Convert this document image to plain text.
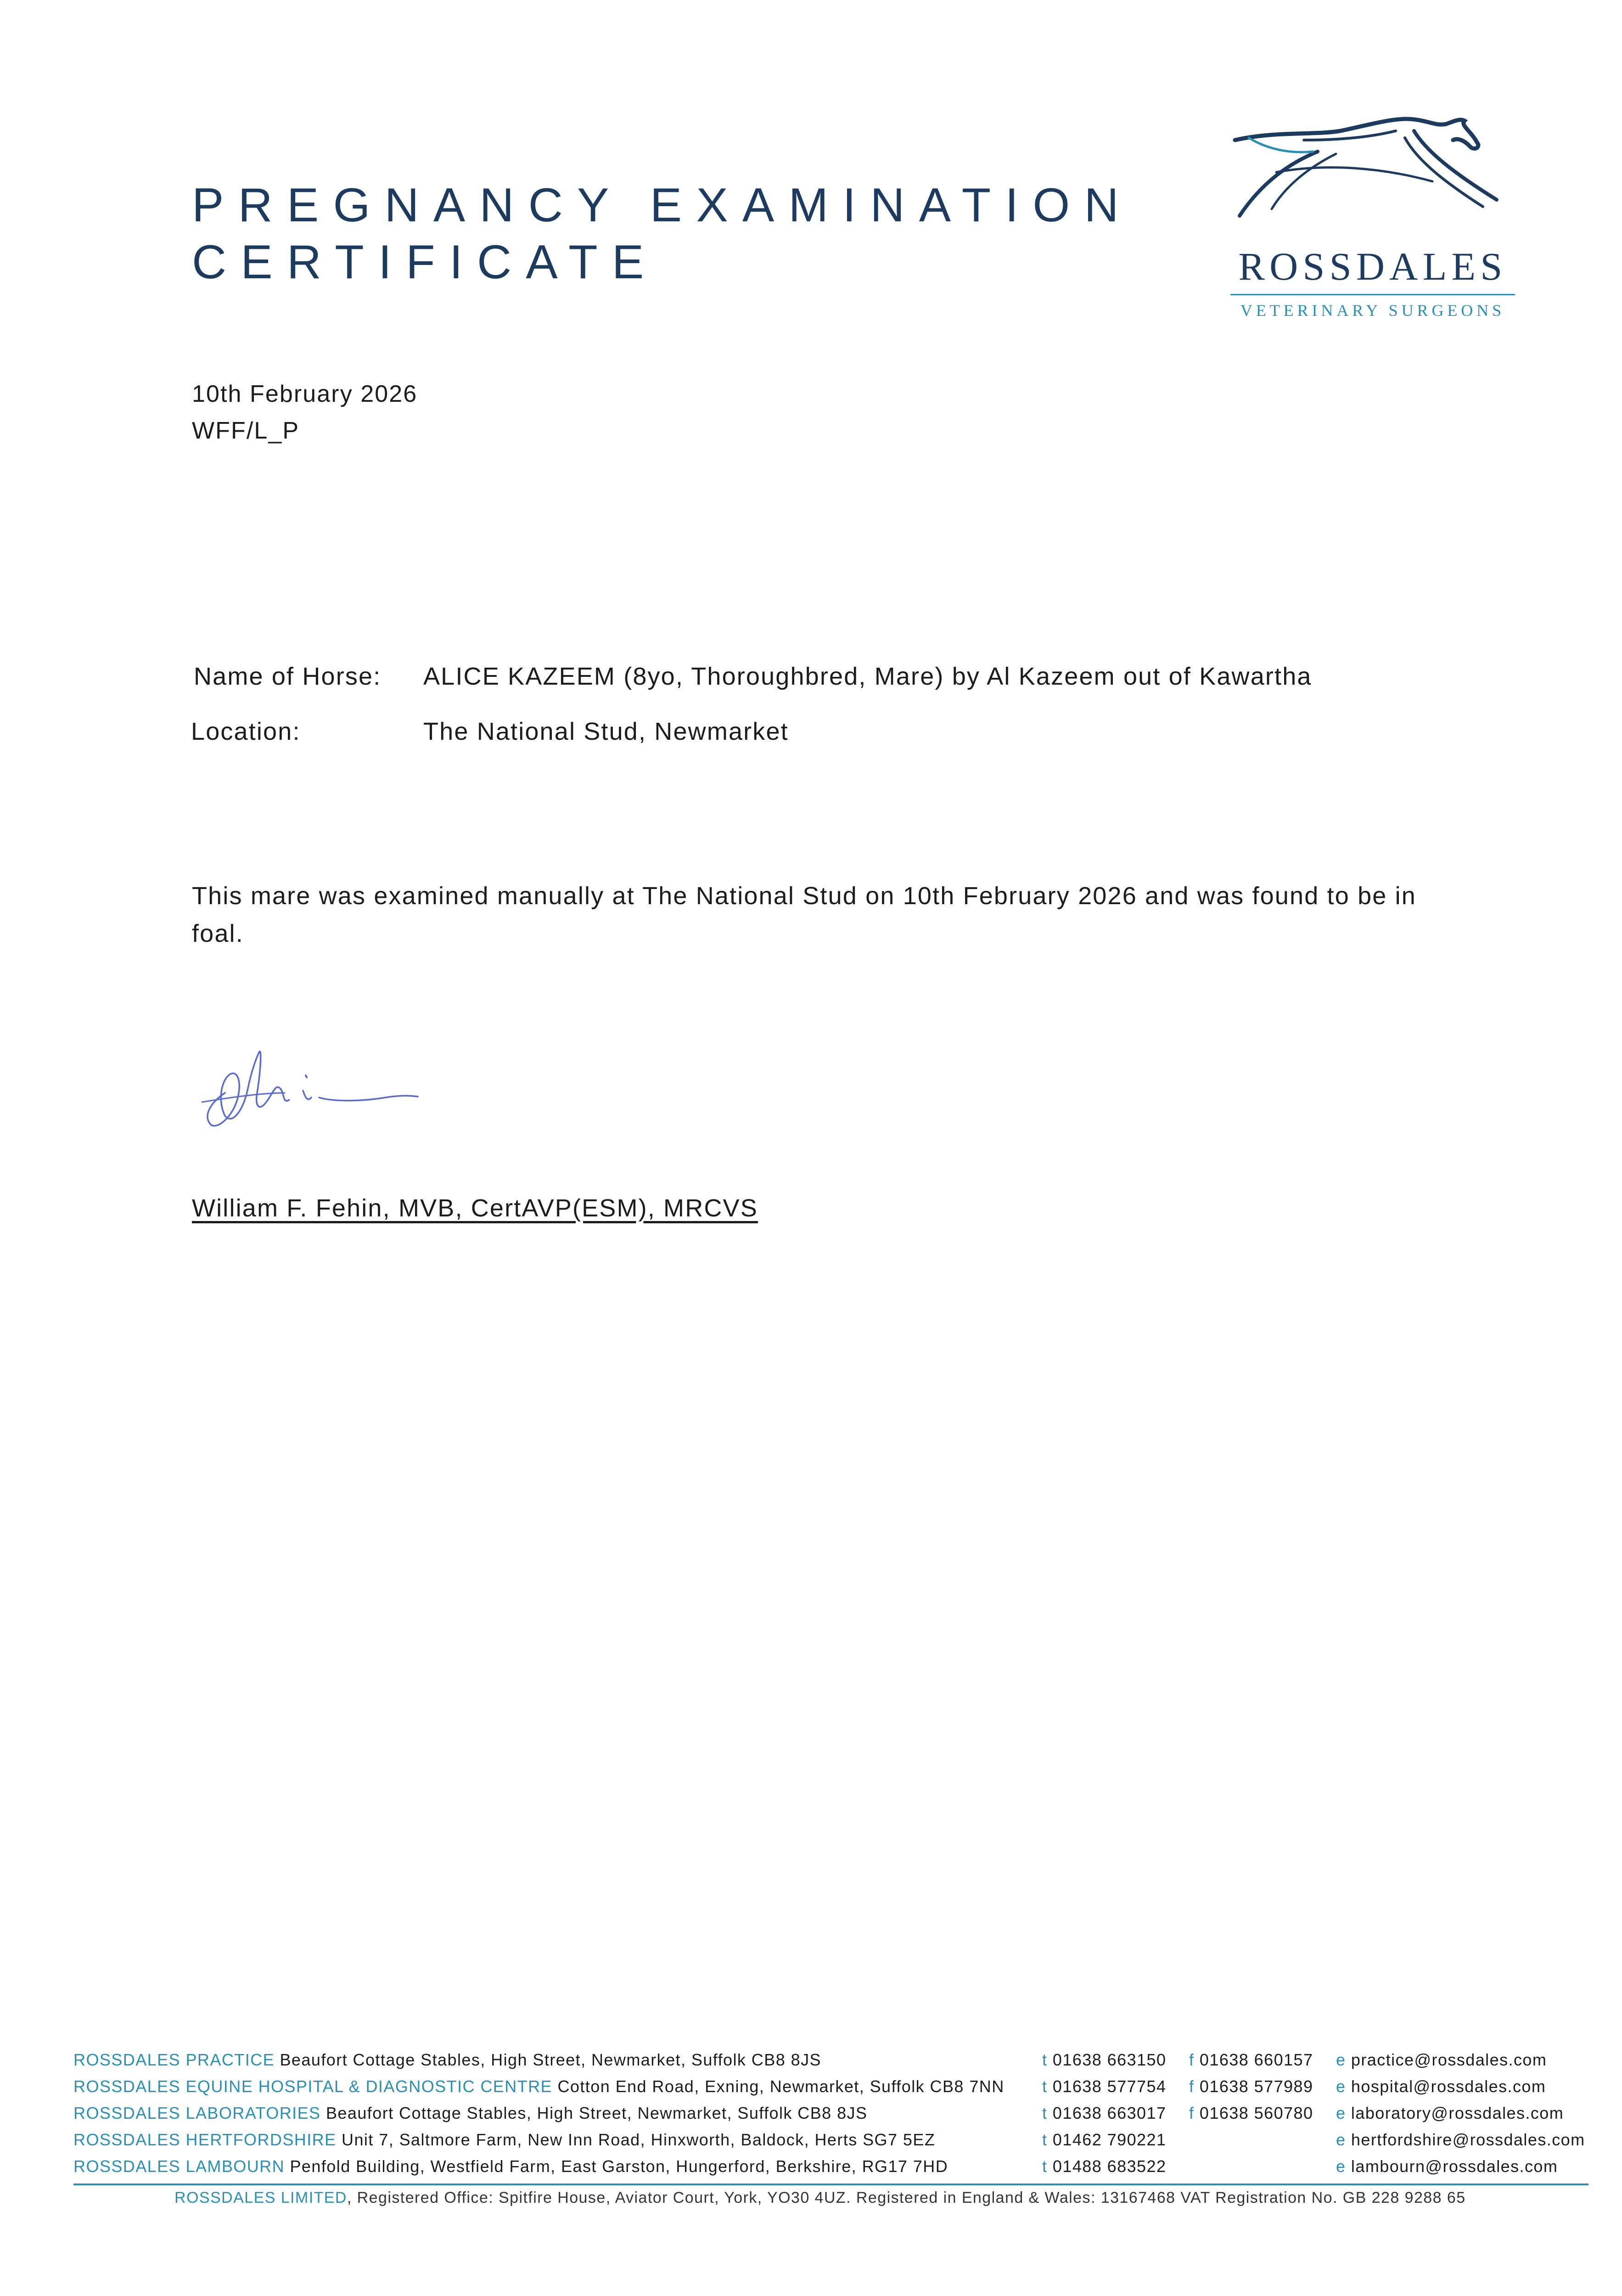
PREGNANCY EXAMINATION
CERTIFICATE	ROSSDALES
VETERINARY SURGEONS
10th February 2026
WFF/L_P
Name of Horse: ALICE KAZEEM (8yo, Thoroughbred, Mare) by Al Kazeem out of Kawartha
Location:	The National Stud, Newmarket
This mare was examined manually at The National Stud on 10th February 2026 and was found to be in foal.
William F. Fehin, MVB, CertAVP(ESM), MRCVS
ROSSDALES PRACTICE Beaufort Cottage Stables, High Street, Newmarket, Suffolk CB8 8JS	t 01638 663150 f 01638 660157 e practice@rossdales.com
ROSSDALES EQUINE HOSPITAL & DIAGNOSTIC CENTRE Cotton End Road, Exning, Newmarket, Suffolk CB8 7NN t 01638 577754 f 01638 577989 e hospital@rossdales.com
ROSSDALES LABORATORIES Beaufort Cottage Stables, High Street, Newmarket, Suffolk CB8 8JS	t 01638 663017 f 01638 560780 e laboratory@rossdales.com
ROSSDALES HERTFORDSHIRE Unit 7, Saltmore Farm, New Inn Road, Hinxworth, Baldock, Herts SG7 5EZ	t 01462 790221	e hertfordshire@rossdales.com
ROSSDALES LAMBOURN Penfold Building, Westfield Farm, East Garston, Hungerford, Berkshire, RG17 7HD	t 01488 683522	e lambourn@rossdales.com
ROSSDALES LIMITED, Registered Office: Spitfire House, Aviator Court, York, YO30 4UZ. Registered in England & Wales: 13167468 VAT Registration No. GB 228 9288 65
